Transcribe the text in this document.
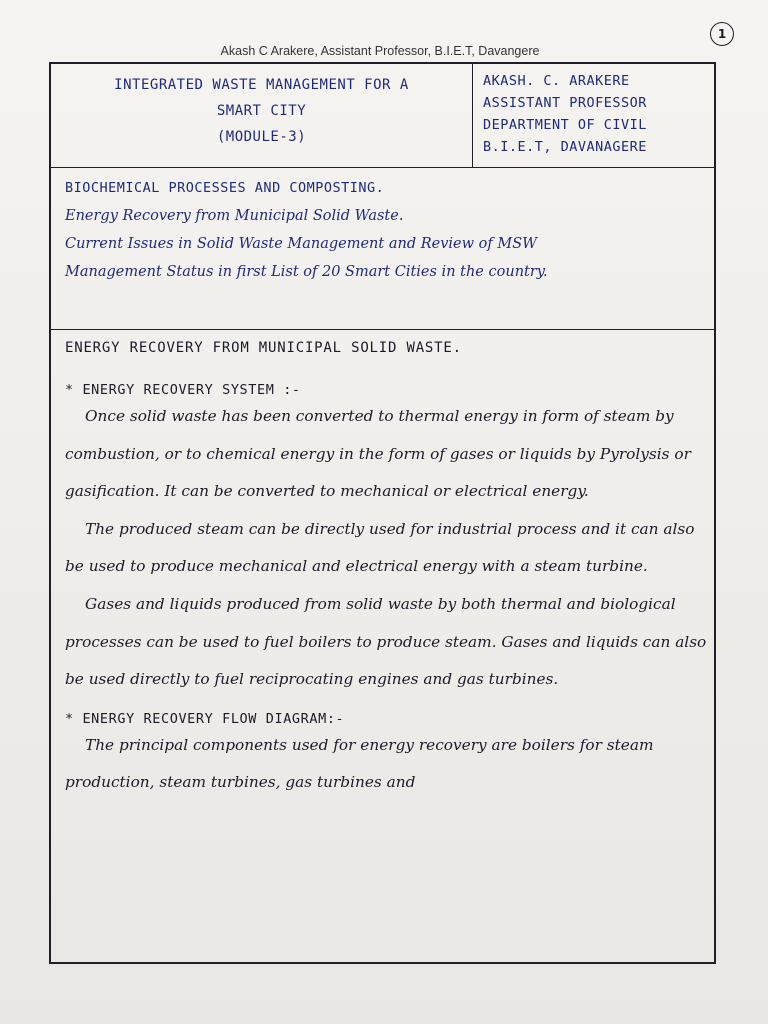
1
Akash C Arakere, Assistant Professor, B.I.E.T, Davangere
INTEGRATED WASTE MANAGEMENT FOR A
SMART CITY
(MODULE-3)
AKASH. C. ARAKERE
ASSISTANT PROFESSOR
DEPARTMENT OF CIVIL
B.I.E.T, DAVANAGERE
BIOCHEMICAL PROCESSES AND COMPOSTING.
Energy Recovery from Municipal Solid Waste.
Current Issues in Solid Waste Management and Review of MSW
Management Status in first List of 20 Smart Cities in the country.
ENERGY RECOVERY FROM MUNICIPAL SOLID WASTE.
* ENERGY RECOVERY SYSTEM :-

Once solid waste has been converted to thermal energy in form of steam by combustion, or to chemical energy in the form of gases or liquids by Pyrolysis or gasification. It can be converted to mechanical or electrical energy.

The produced steam can be directly used for industrial process and it can also be used to produce mechanical and electrical energy with a steam turbine.

Gases and liquids produced from solid waste by both thermal and biological processes can be used to fuel boilers to produce steam. Gases and liquids can also be used directly to fuel reciprocating engines and gas turbines.

* ENERGY RECOVERY FLOW DIAGRAM:-

The principal components used for energy recovery are boilers for steam production, steam turbines, gas turbines and
